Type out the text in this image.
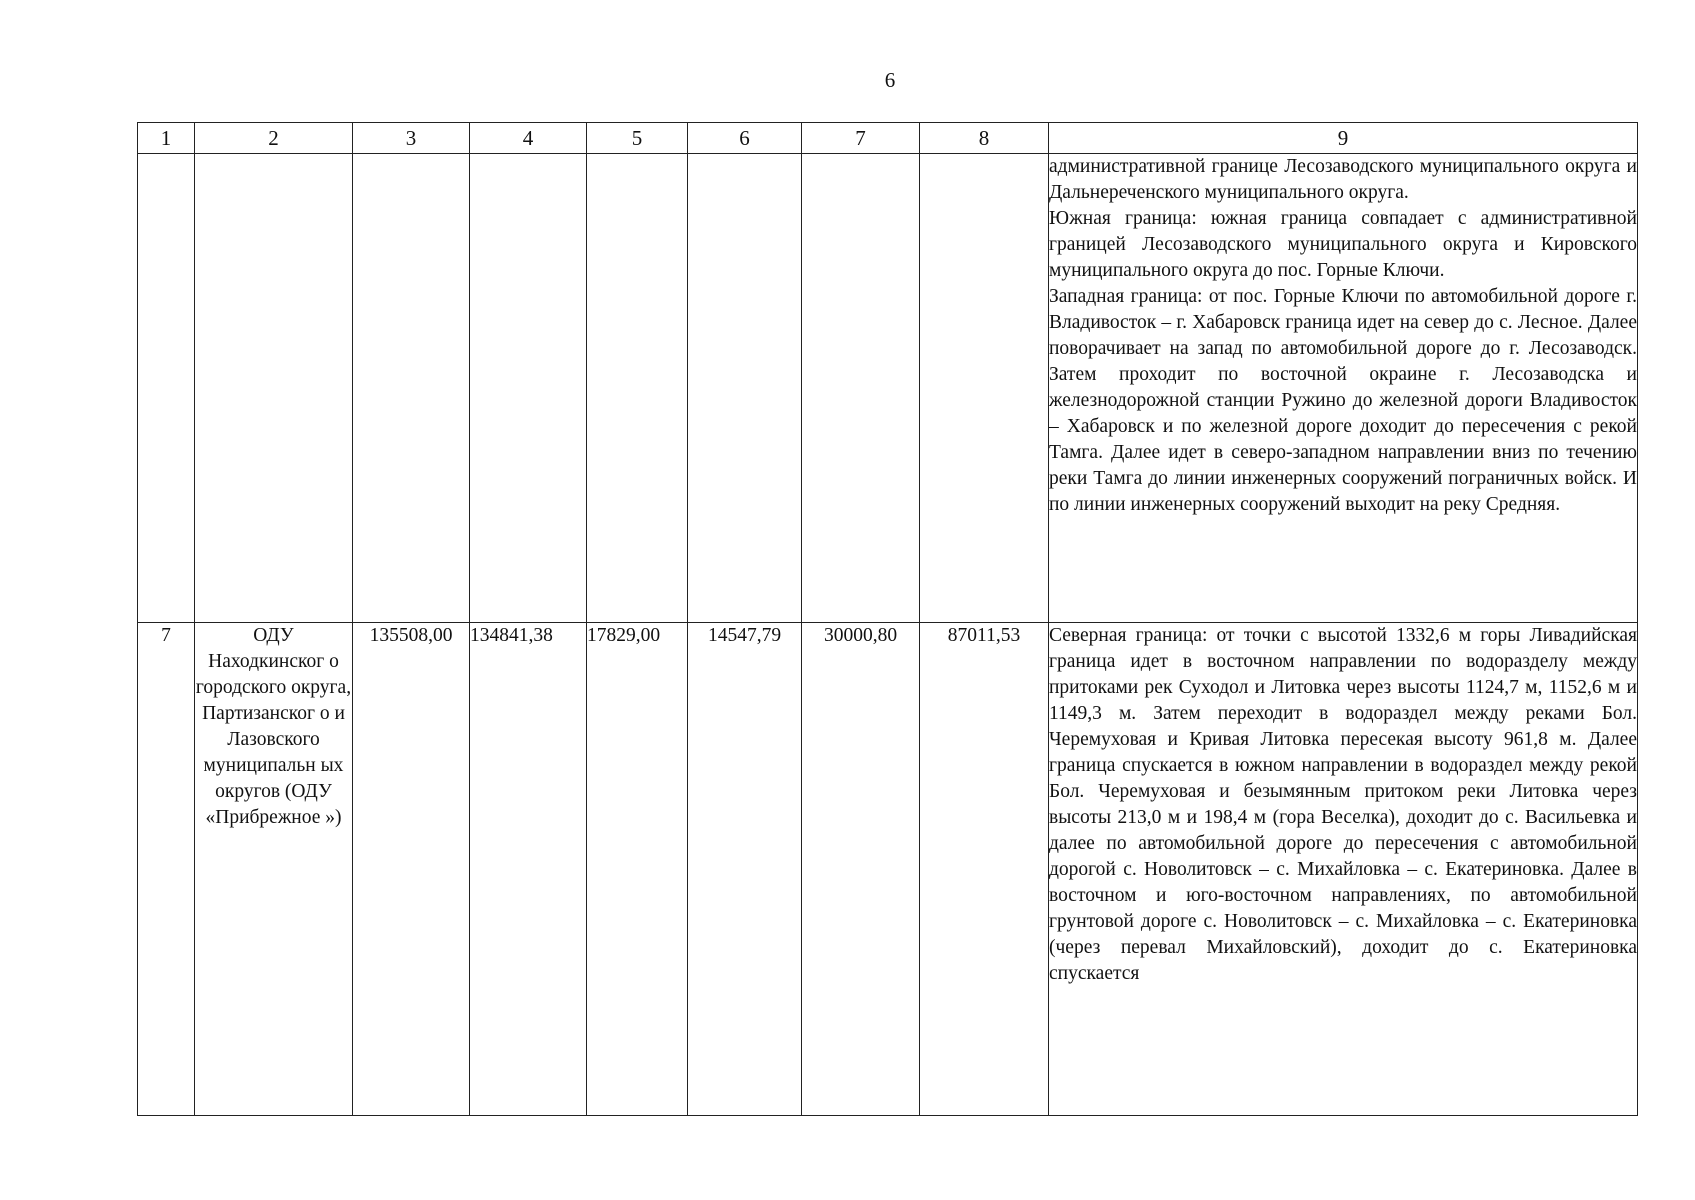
6
1	2	3	4	5	6	7	8	9

								административной границе Лесозаводского муниципального округа и Дальнереченского муниципального округа.

Южная граница: южная граница совпадает с административной границей Лесозаводского муниципального округа и Кировского муниципального округа до пос. Горные Ключи.

Западная граница: от пос. Горные Ключи по автомобильной дороге г. Владивосток – г. Хабаровск граница идет на север до с. Лесное. Далее поворачивает на запад по автомобильной дороге до г. Лесозаводск. Затем проходит по восточной окраине г. Лесозаводска и железнодорожной станции Ружино до железной дороги Владивосток – Хабаровск и по железной дороге доходит до пересечения с рекой Тамга. Далее идет в северо-западном направлении вниз по течению реки Тамга до линии инженерных сооружений пограничных войск. И по линии инженерных сооружений выходит на реку Средняя.

7	ОДУ Находкинског о городского округа, Партизанског о и Лазовского муниципальн ых округов (ОДУ «Прибрежное »)	135508,00	134841,38	17829,00	14547,79	30000,80	87011,53	Северная граница: от точки с высотой 1332,6 м горы Ливадийская граница идет в восточном направлении по водоразделу между притоками рек Суходол и Литовка через высоты 1124,7 м, 1152,6 м и 1149,3 м. Затем переходит в водораздел между реками Бол. Черемуховая и Кривая Литовка пересекая высоту 961,8 м. Далее граница спускается в южном направлении в водораздел между рекой Бол. Черемуховая и безымянным притоком реки Литовка через высоты 213,0 м и 198,4 м (гора Веселка), доходит до с. Васильевка и далее по автомобильной дороге до пересечения с автомобильной дорогой с. Новолитовск – с. Михайловка – с. Екатериновка. Далее в восточном и юго-восточном направлениях, по автомобильной грунтовой дороге с. Новолитовск – с. Михайловка – с. Екатериновка (через перевал Михайловский), доходит до с. Екатериновка спускается
